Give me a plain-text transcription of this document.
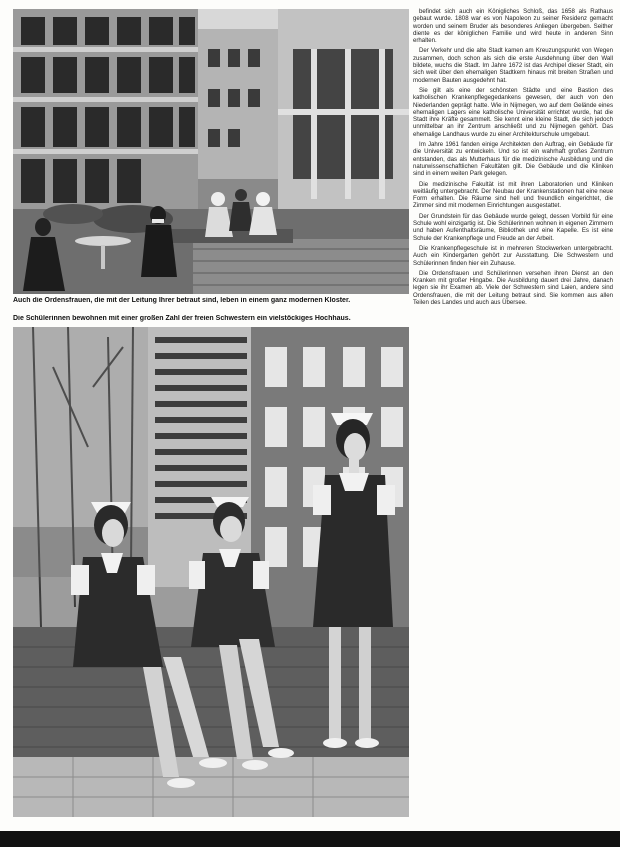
Auch die Ordensfrauen, die mit der Leitung Ihrer betraut sind, leben in einem ganz modernen Kloster.
Die Schülerinnen bewohnen mit einer großen Zahl der freien Schwestern ein vielstöckiges Hochhaus.

befindet sich auch ein Königliches Schloß, das 1658 als Rathaus gebaut wurde. 1808 war es von Napoleon zu seiner Residenz gemacht worden und seinem Bruder als besonderes Anliegen übergeben. Seither diente es der königlichen Familie und wird heute in anderen Sinn erhalten.

Der Verkehr und die alte Stadt kamen am Kreuzungspunkt von Wegen zusammen, doch schon als sich die erste Ausdehnung über den Wall bildete, wuchs die Stadt. Im Jahre 1672 ist das Archipel dieser Stadt, ein sich weit über den ehemaligen Stadtkern hinaus mit breiten Straßen und modernen Bauten ausgedehnt hat.

Sie gilt als eine der schönsten Städte und eine Bastion des katholischen Krankenpflegegedankens gewesen, der auch von den Niederlanden geprägt hatte. Wie in Nijmegen, wo auf dem Gelände eines ehemaligen Lagers eine katholische Universität errichtet wurde, hat die Stadt ihre Kräfte gesammelt. Sie kennt eine kleine Stadt, die sich jedoch unmittelbar an ihr Zentrum anschließt und zu Nijmegen gehört. Das ehemalige Landhaus wurde zu einer Architekturschule umgebaut.

Im Jahre 1961 fanden einige Architekten den Auftrag, ein Gebäude für die Universität zu entwickeln. Und so ist ein wahrhaft großes Zentrum entstanden, das als Mutterhaus für die medizinische Ausbildung und die naturwissenschaftlichen Fakultäten gilt. Die Gebäude und die Kliniken sind in einem weiten Park gelegen.

Die medizinische Fakultät ist mit ihren Laboratorien und Kliniken weitläufig untergebracht. Der Neubau der Krankenstationen hat eine neue Form erhalten. Die Räume sind hell und freundlich eingerichtet, die Zimmer sind mit modernen Einrichtungen ausgestattet.

Der Grundstein für das Gebäude wurde gelegt, dessen Vorbild für eine Schule wohl einzigartig ist. Die Schülerinnen wohnen in eigenen Zimmern und haben Aufenthaltsräume, Bibliothek und eine Kapelle. Es ist eine Schule der Krankenpflege und Freude an der Arbeit.

Die Krankenpflegeschule ist in mehreren Stockwerken untergebracht. Auch ein Kindergarten gehört zur Ausstattung. Die Schwestern und Schülerinnen finden hier ein Zuhause.

Die Ordensfrauen und Schülerinnen versehen ihren Dienst an den Kranken mit großer Hingabe. Die Ausbildung dauert drei Jahre, danach legen sie ihr Examen ab. Viele der Schwestern sind Laien, andere sind Ordensfrauen, die mit der Leitung betraut sind. Sie kommen aus allen Teilen des Landes und auch aus Übersee.
